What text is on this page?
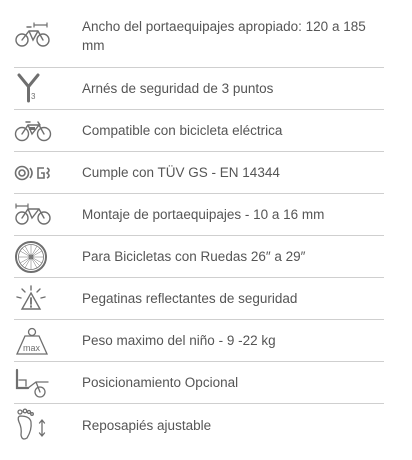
Ancho del portaequipajes apropiado: 120 a 185 mm
3	Arnés de seguridad de 3 puntos
Compatible con bicicleta eléctrica
Cumple con TÜV GS - EN 14344
Montaje de portaequipajes - 10 a 16 mm
Para Bicicletas con Ruedas 26″ a 29″
Pegatinas reflectantes de seguridad
max	Peso maximo del niño - 9 -22 kg
Posicionamiento Opcional
Reposapiés ajustable
